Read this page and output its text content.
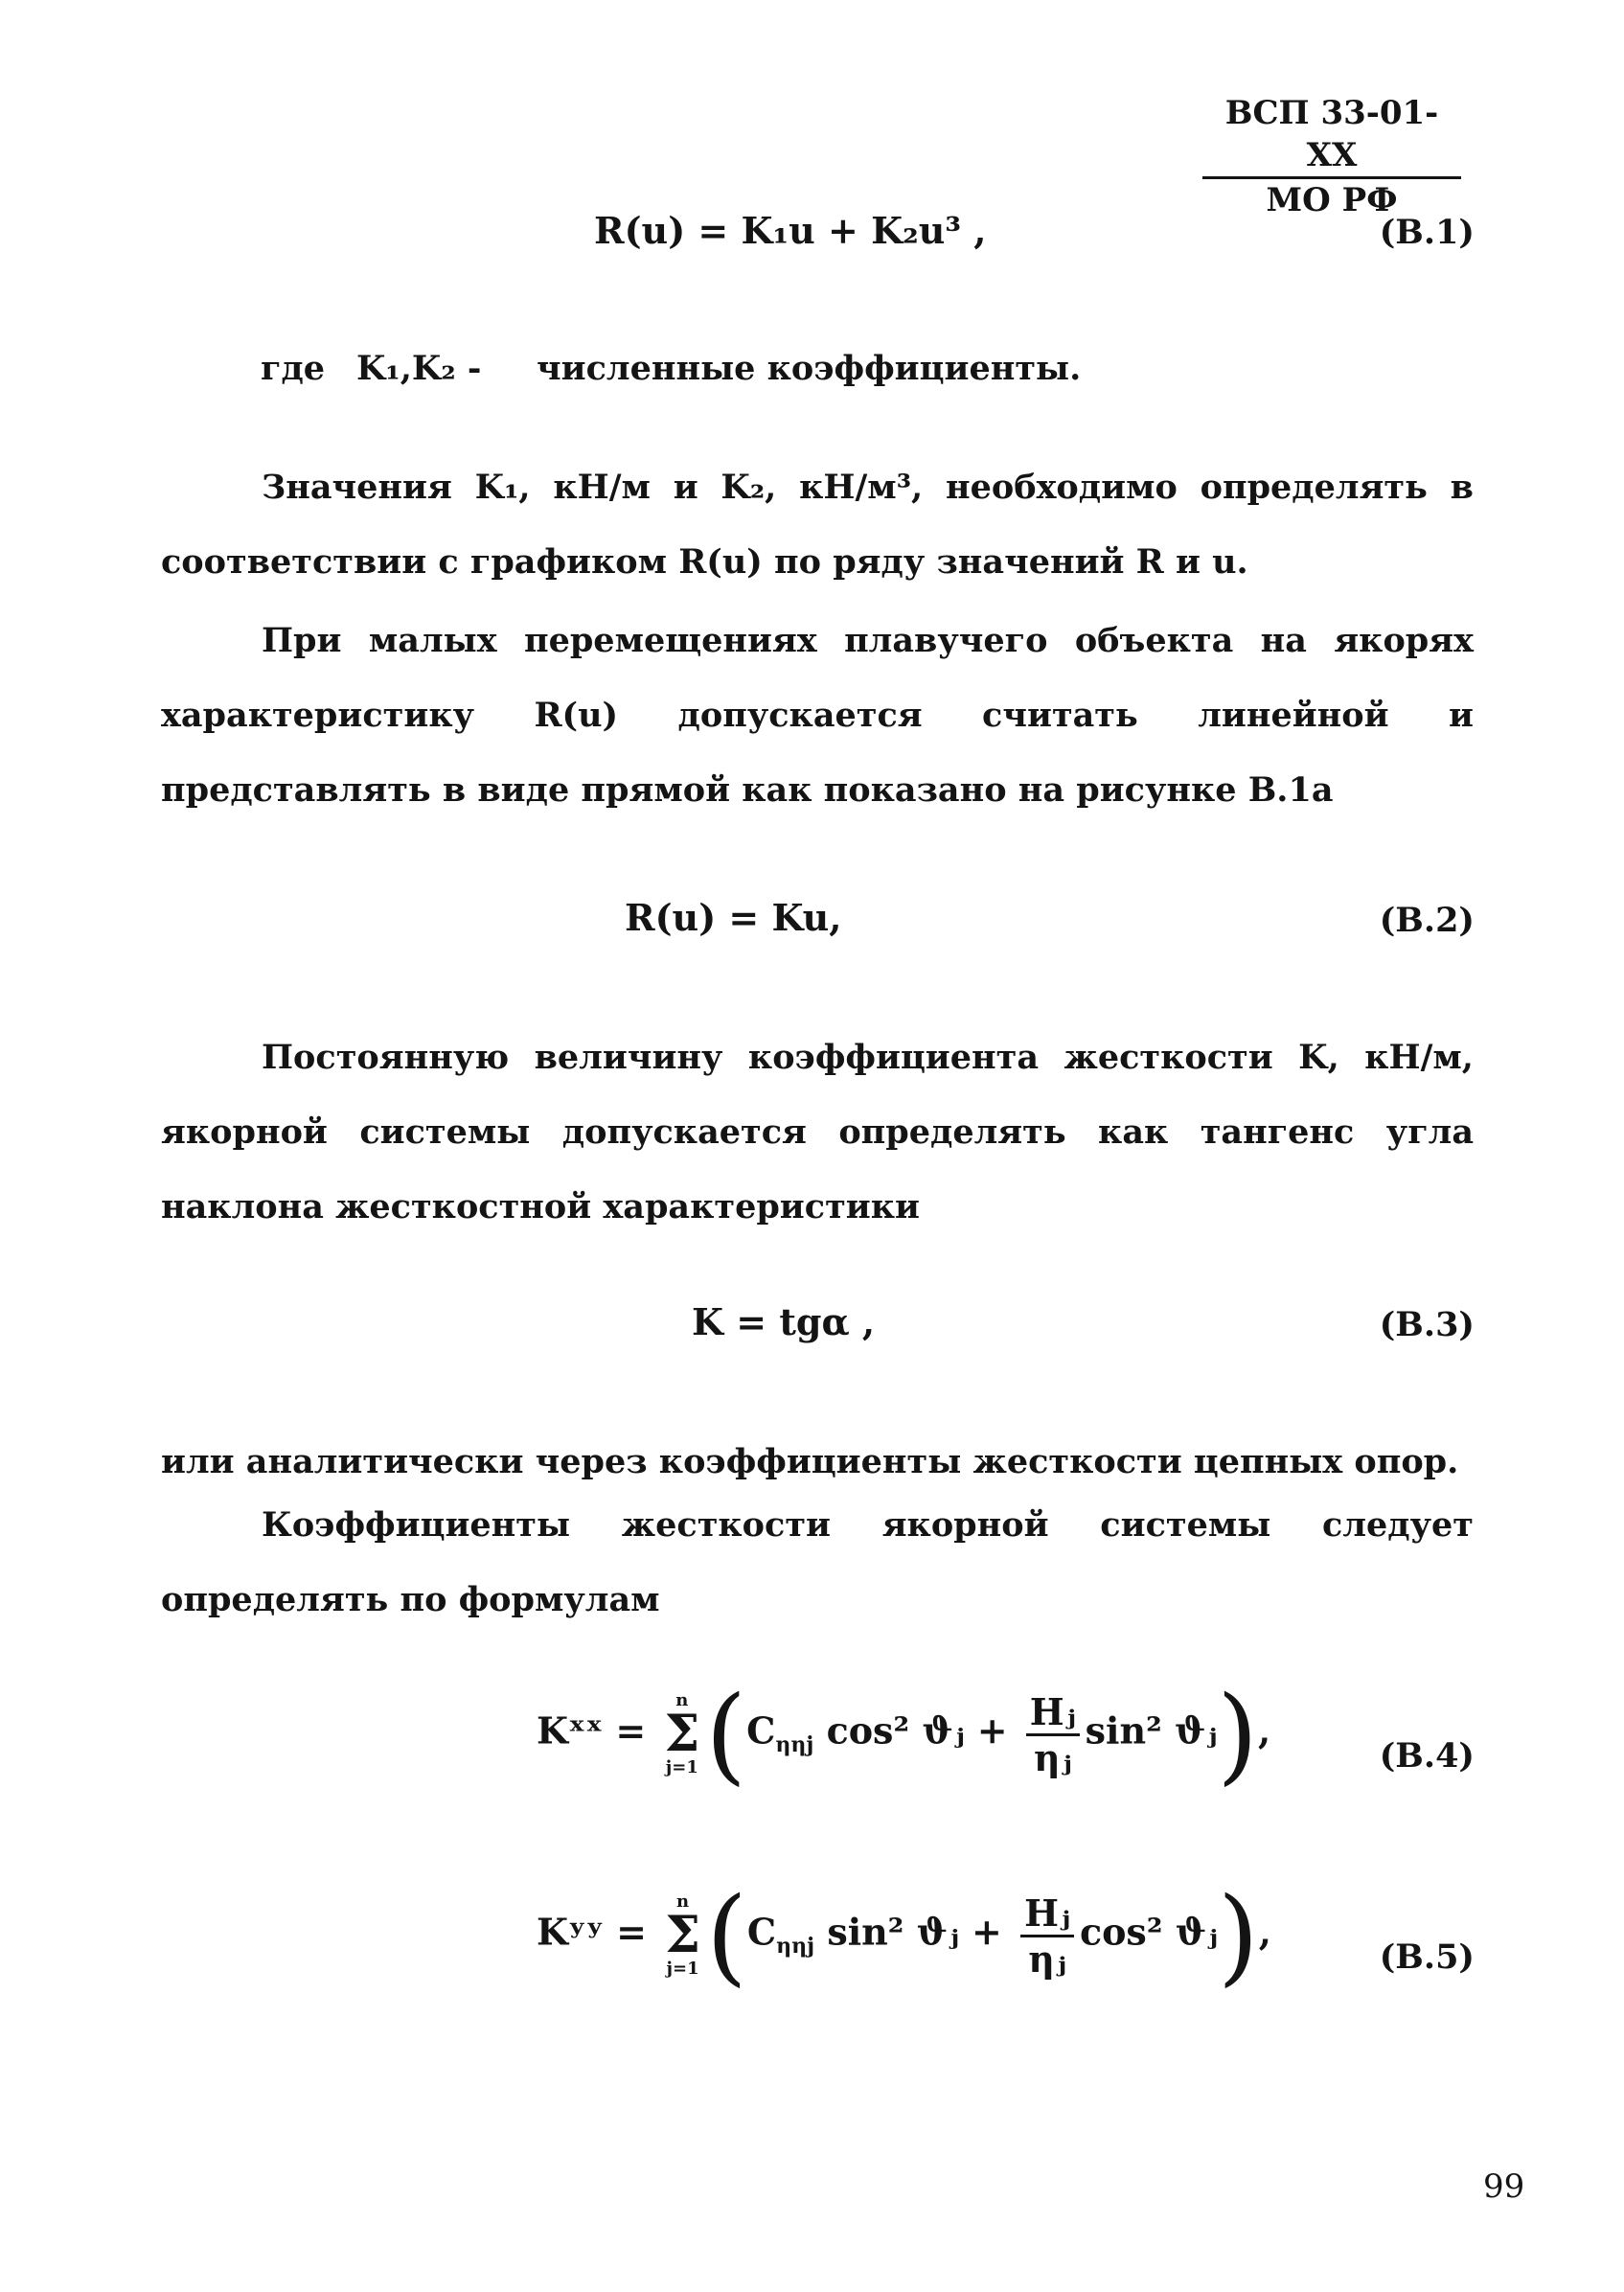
ВСП 33-01-ХХ
МО РФ
R(u) = K₁u + K₂u³ ,	(В.1)
где K₁,K₂ - численные коэффициенты.
Значения K₁, кН/м и K₂, кН/м³, необходимо определять в соответствии с графиком R(u) по ряду значений R и u.
При малых перемещениях плавучего объекта на якорях характеристику R(u) допускается считать линейной и представлять в виде прямой как показано на рисунке В.1а
R(u) = Ku,	(В.2)
Постоянную величину коэффициента жесткости K, кН/м, якорной системы допускается определять как тангенс угла наклона жесткостной характеристики
K = tgα ,	(В.3)
или аналитически через коэффициенты жесткости цепных опор.
Коэффициенты жесткости якорной системы следует определять по формулам
Kˣˣ =
n
Σ
j=1 ($C_{\eta\eta j}$ cos² ϑⱼ + $\frac{\text{Hⱼ}}{\text{ηⱼ}} \sin^2$ ϑⱼ),
(В.4)
Kʸʸ =
n
Σ
j=1 ($C_{\eta\eta j}$ sin² ϑⱼ + $\frac{\text{Hⱼ}}{\text{ηⱼ}} \cos^2$ ϑⱼ),
(В.5)
99
